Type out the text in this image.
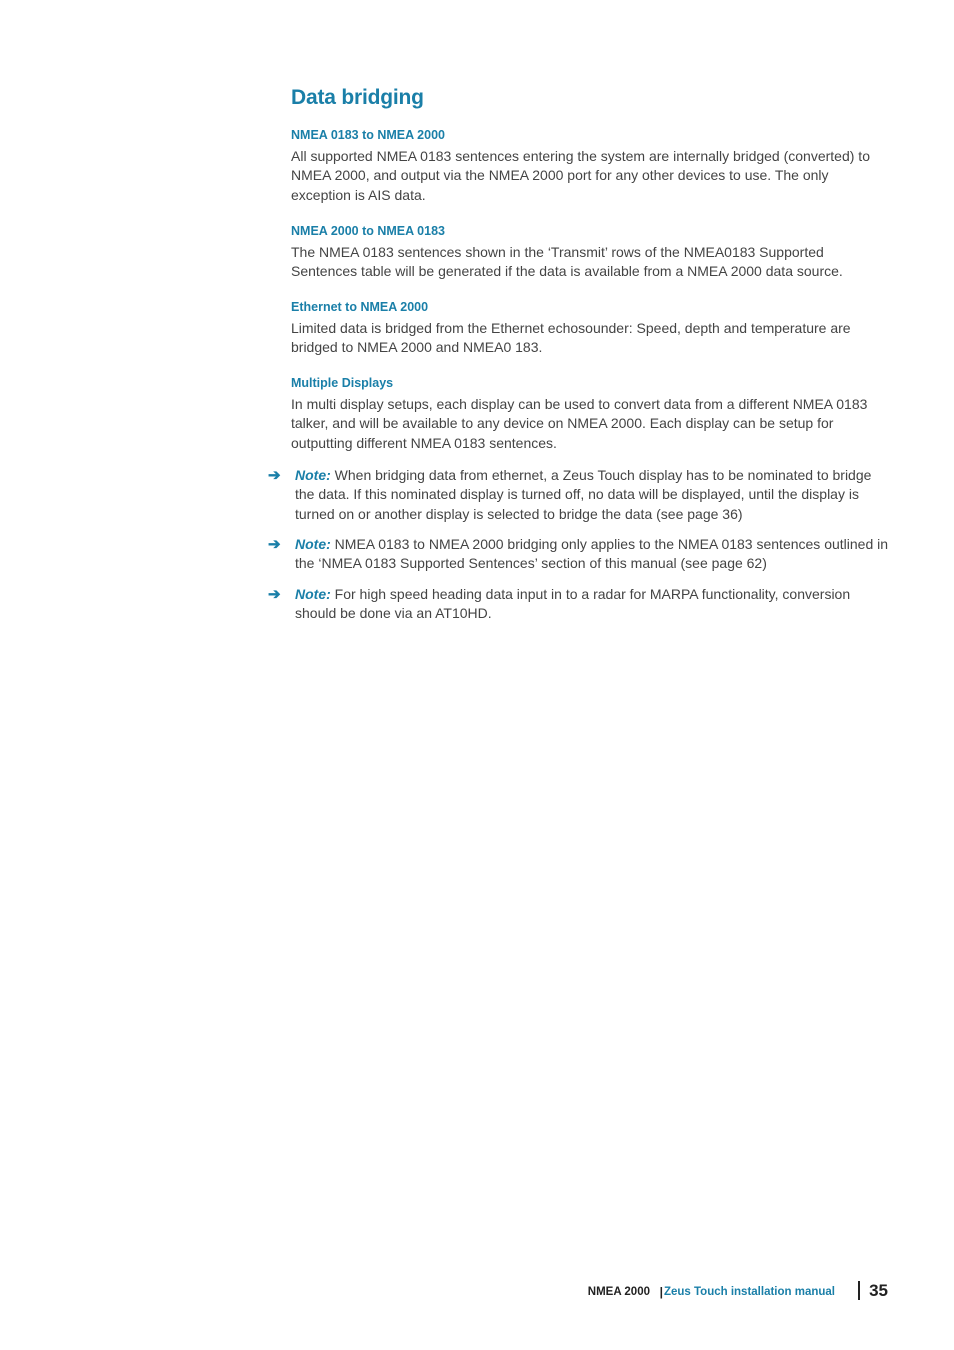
Data bridging
NMEA 0183 to NMEA 2000

All supported NMEA 0183 sentences entering the system are internally bridged (converted) to NMEA 2000, and output via the NMEA 2000 port for any other devices to use. The only exception is AIS data.

NMEA 2000 to NMEA 0183

The NMEA 0183 sentences shown in the ‘Transmit’ rows of the NMEA0183 Supported Sentences table will be generated if the data is available from a NMEA 2000 data source.

Ethernet to NMEA 2000

Limited data is bridged from the Ethernet echosounder: Speed, depth and temperature are bridged to NMEA 2000 and NMEA0 183.

Multiple Displays

In multi display setups, each display can be used to convert data from a different NMEA 0183 talker, and will be available to any device on NMEA 2000. Each display can be setup for outputting different NMEA 0183 sentences.

➔	Note: When bridging data from ethernet, a Zeus Touch display has to be nominated to bridge the data. If this nominated display is turned off, no data will be displayed, until the display is turned on or another display is selected to bridge the data (see page 36)
➔	Note: NMEA 0183 to NMEA 2000 bridging only applies to the NMEA 0183 sentences outlined in the ‘NMEA 0183 Supported Sentences’ section of this manual (see page 62)
➔	Note: For high speed heading data input in to a radar for MARPA functionality, conversion should be done via an AT10HD.
NMEA 2000 | Zeus Touch installation manual 35
